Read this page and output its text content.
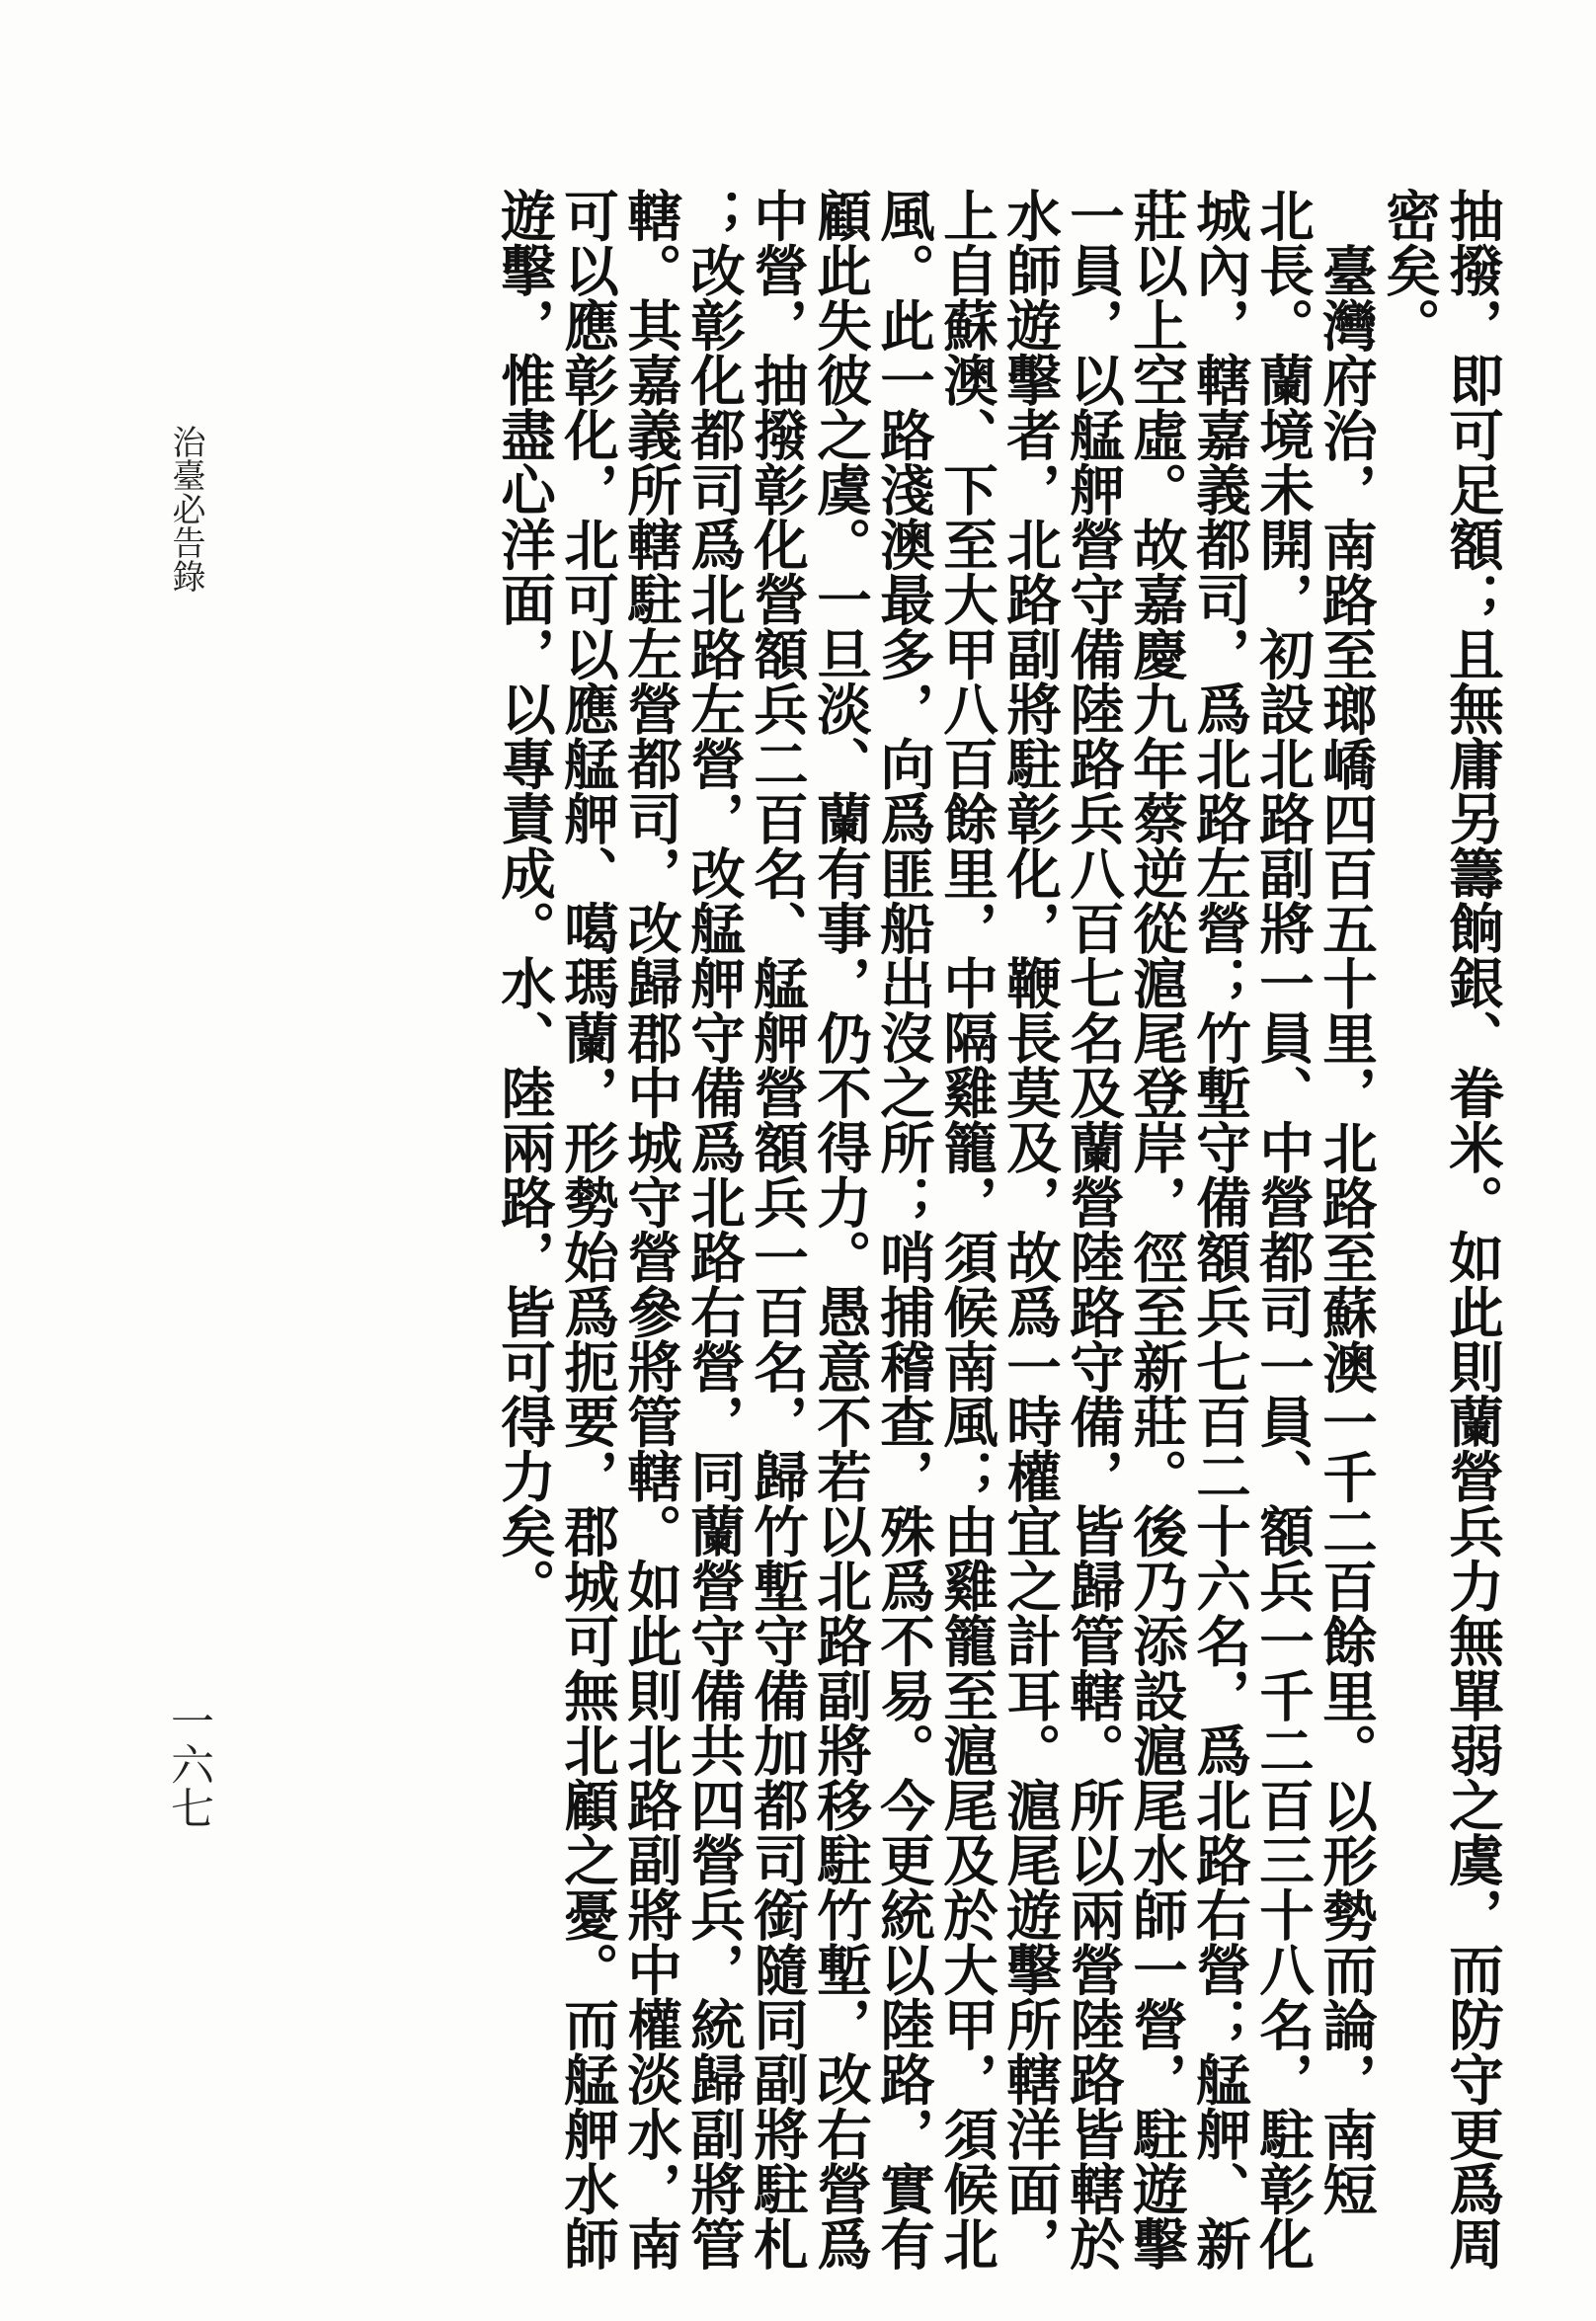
抽撥，即可足額；且無庸另籌餉銀、眷米。如此則蘭營兵力無單弱之虞，而防守更爲周
密矣。
臺灣府治，南路至瑯嶠四百五十里，北路至蘇澳一千二百餘里。以形勢而論，南短
北長。蘭境未開，初設北路副將一員、中營都司一員、額兵一千二百三十八名，駐彰化
城內，轄嘉義都司，爲北路左營；竹塹守備額兵七百二十六名，爲北路右營；艋舺、新
莊以上空虛。故嘉慶九年蔡逆從滬尾登岸，徑至新莊。後乃添設滬尾水師一營，駐遊擊
一員，以艋舺營守備陸路兵八百七名及蘭營陸路守備，皆歸管轄。所以兩營陸路皆轄於
水師遊擊者，北路副將駐彰化，鞭長莫及，故爲一時權宜之計耳。滬尾遊擊所轄洋面，
上自蘇澳、下至大甲八百餘里，中隔雞籠，須候南風；由雞籠至滬尾及於大甲，須候北
風。此一路淺澳最多，向爲匪船出沒之所；哨捕稽查，殊爲不易。今更統以陸路，實有
顧此失彼之虞。一旦淡、蘭有事，仍不得力。愚意不若以北路副將移駐竹塹，改右營爲
中營，抽撥彰化營額兵二百名、艋舺營額兵一百名，歸竹塹守備加都司銜隨同副將駐札
；改彰化都司爲北路左營，改艋舺守備爲北路右營，同蘭營守備共四營兵，統歸副將管
轄。其嘉義所轄駐左營都司，改歸郡中城守營參將管轄。如此則北路副將中權淡水，南
可以應彰化，北可以應艋舺、噶瑪蘭，形勢始爲扼要，郡城可無北顧之憂。而艋舺水師
遊擊，惟盡心洋面，以專責成。水、陸兩路，皆可得力矣。
治臺必告錄
一六七
